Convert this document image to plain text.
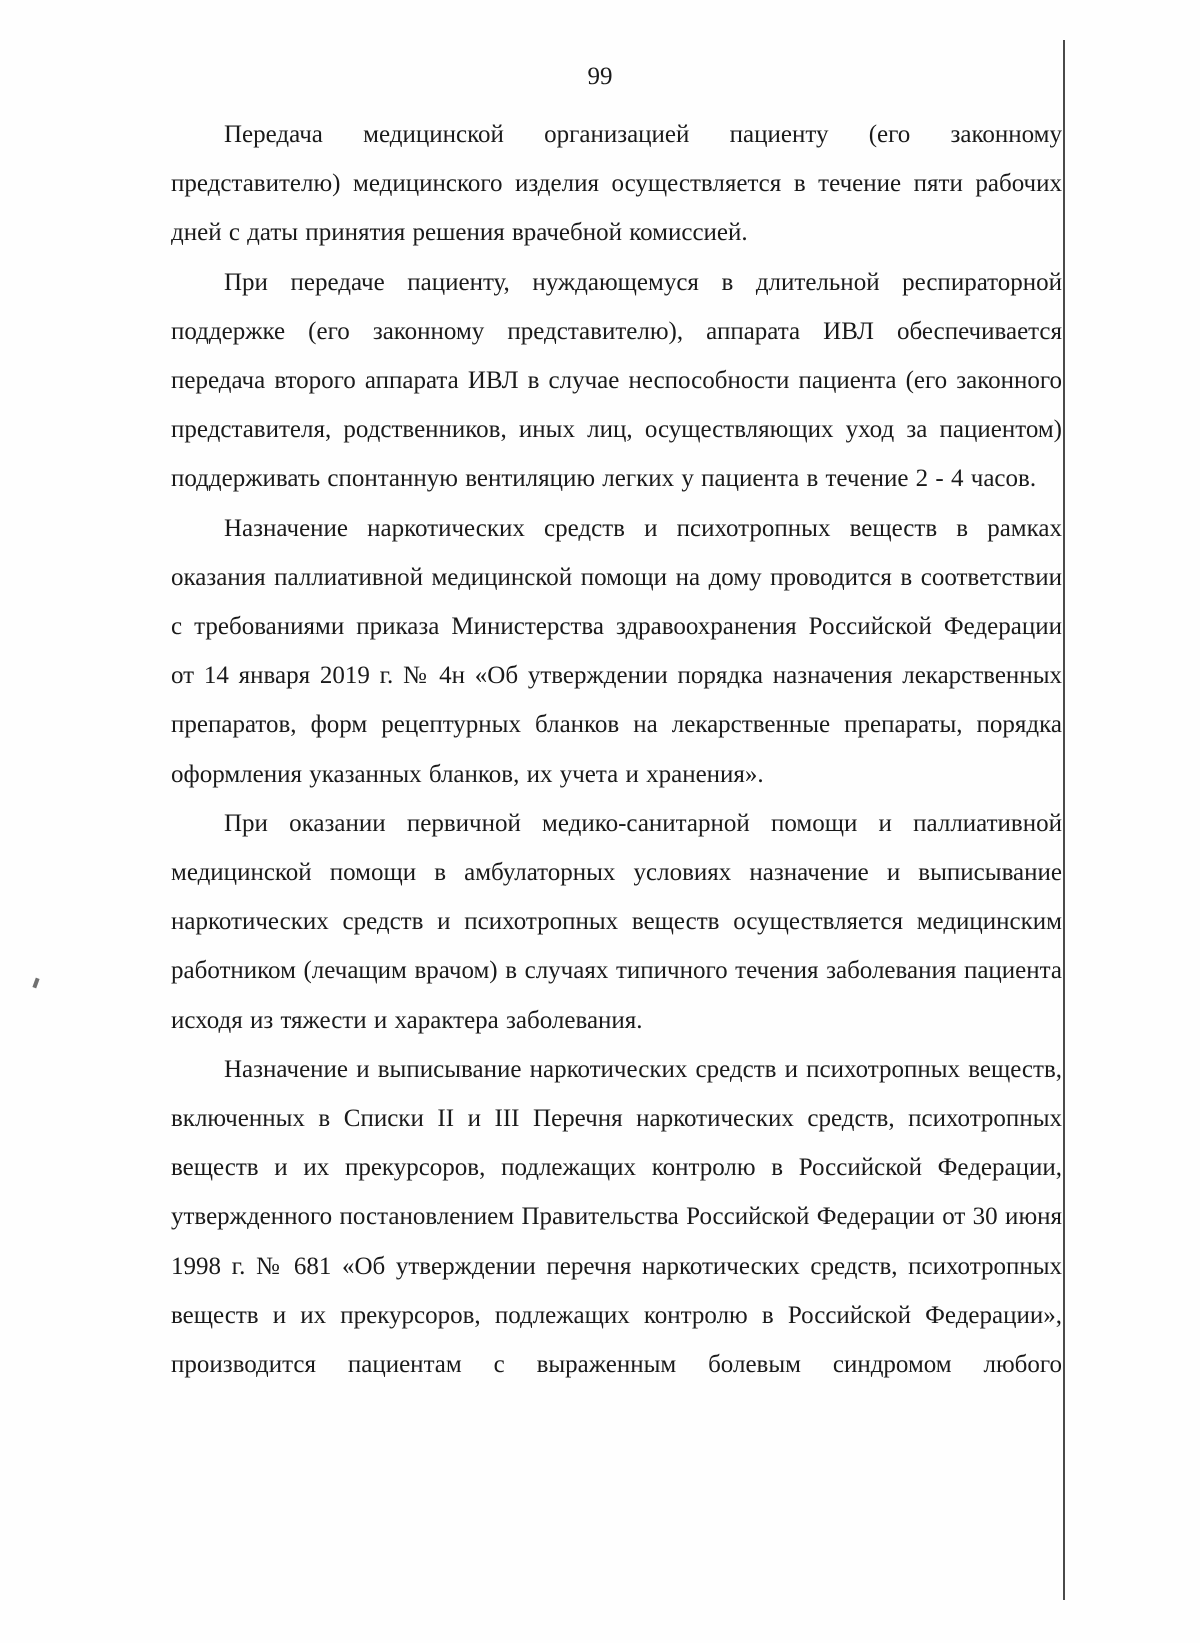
99

Передача медицинской организацией пациенту (его законному представителю) медицинского изделия осуществляется в течение пяти рабочих дней с даты принятия решения врачебной комиссией.

При передаче пациенту, нуждающемуся в длительной респираторной поддержке (его законному представителю), аппарата ИВЛ обеспечивается передача второго аппарата ИВЛ в случае неспособности пациента (его законного представителя, родственников, иных лиц, осуществляющих уход за пациентом) поддерживать спонтанную вентиляцию легких у пациента в течение 2 - 4 часов.

Назначение наркотических средств и психотропных веществ в рамках оказания паллиативной медицинской помощи на дому проводится в соответствии с требованиями приказа Министерства здравоохранения Российской Федерации от 14 января 2019 г. № 4н «Об утверждении порядка назначения лекарственных препаратов, форм рецептурных бланков на лекарственные препараты, порядка оформления указанных бланков, их учета и хранения».

При оказании первичной медико-санитарной помощи и паллиативной медицинской помощи в амбулаторных условиях назначение и выписывание наркотических средств и психотропных веществ осуществляется медицинским работником (лечащим врачом) в случаях типичного течения заболевания пациента исходя из тяжести и характера заболевания.

Назначение и выписывание наркотических средств и психотропных веществ, включенных в Списки II и III Перечня наркотических средств, психотропных веществ и их прекурсоров, подлежащих контролю в Российской Федерации, утвержденного постановлением Правительства Российской Федерации от 30 июня 1998 г. № 681 «Об утверждении перечня наркотических средств, психотропных веществ и их прекурсоров, подлежащих контролю в Российской Федерации», производится пациентам с выраженным болевым синдромом любого
